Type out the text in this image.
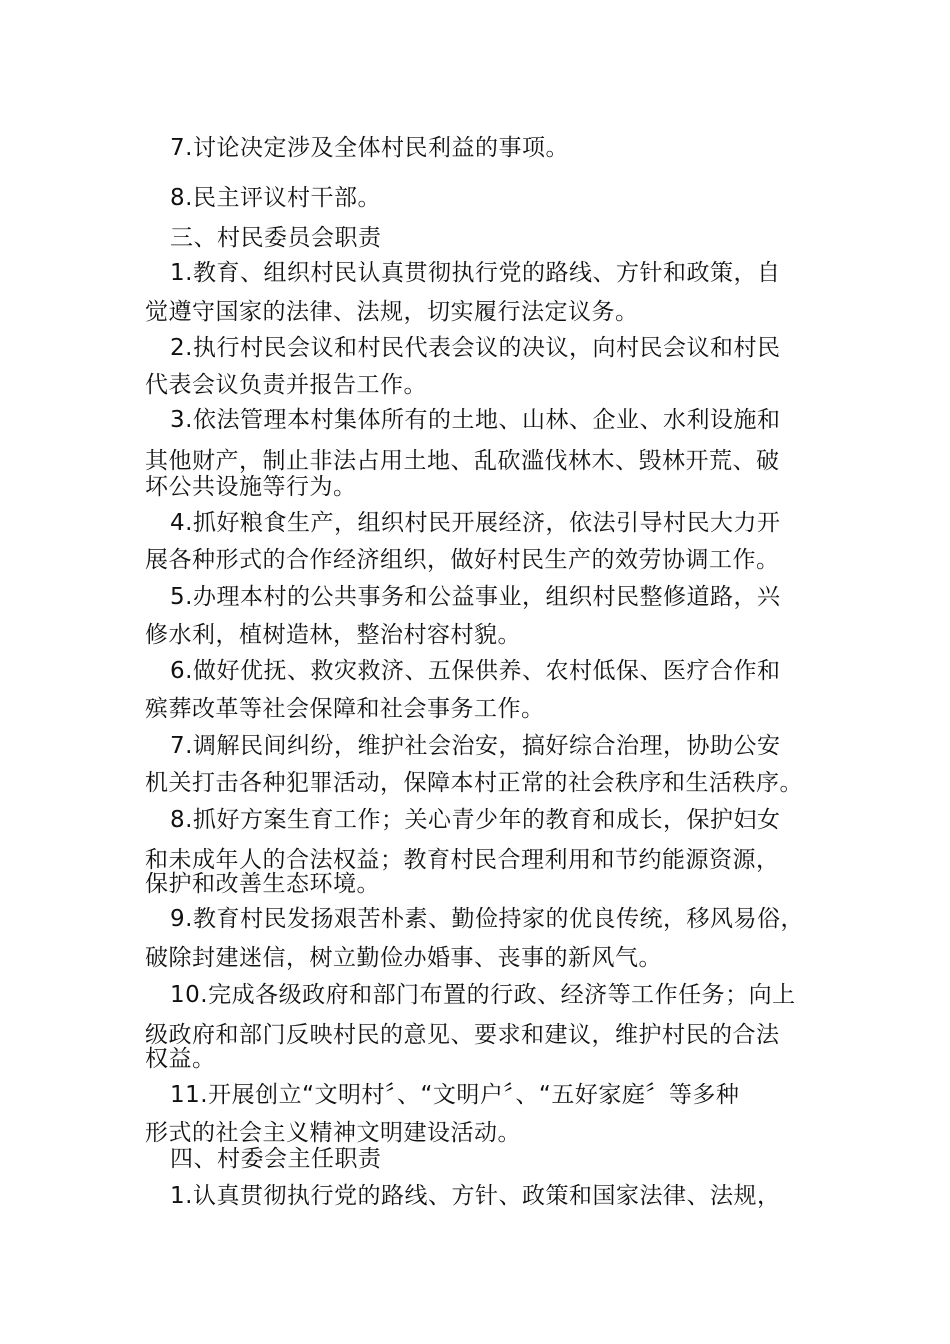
7.讨论决定涉及全体村民利益的事项。
8.民主评议村干部。
三、村民委员会职责
1.教育、组织村民认真贯彻执行党的路线、方针和政策，自
觉遵守国家的法律、法规，切实履行法定议务。
2.执行村民会议和村民代表会议的决议，向村民会议和村民
代表会议负责并报告工作。
3.依法管理本村集体所有的土地、山林、企业、水利设施和
其他财产，制止非法占用土地、乱砍滥伐林木、毁林开荒、破
坏公共设施等行为。
4.抓好粮食生产，组织村民开展经济，依法引导村民大力开
展各种形式的合作经济组织，做好村民生产的效劳协调工作。
5.办理本村的公共事务和公益事业，组织村民整修道路，兴
修水利，植树造林，整治村容村貌。
6.做好优抚、救灾救济、五保供养、农村低保、医疗合作和
殡葬改革等社会保障和社会事务工作。
7.调解民间纠纷，维护社会治安，搞好综合治理，协助公安
机关打击各种犯罪活动，保障本村正常的社会秩序和生活秩序。
8.抓好方案生育工作；关心青少年的教育和成长，保护妇女
和未成年人的合法权益；教育村民合理利用和节约能源资源，
保护和改善生态环境。
9.教育村民发扬艰苦朴素、勤俭持家的优良传统，移风易俗，
破除封建迷信，树立勤俭办婚事、丧事的新风气。
10.完成各级政府和部门布置的行政、经济等工作任务；向上
级政府和部门反映村民的意见、要求和建议，维护村民的合法
权益。
11.开展创立“文明村〞、“文明户〞、“五好家庭〞等多种
形式的社会主义精神文明建设活动。
四、村委会主任职责
1.认真贯彻执行党的路线、方针、政策和国家法律、法规，
